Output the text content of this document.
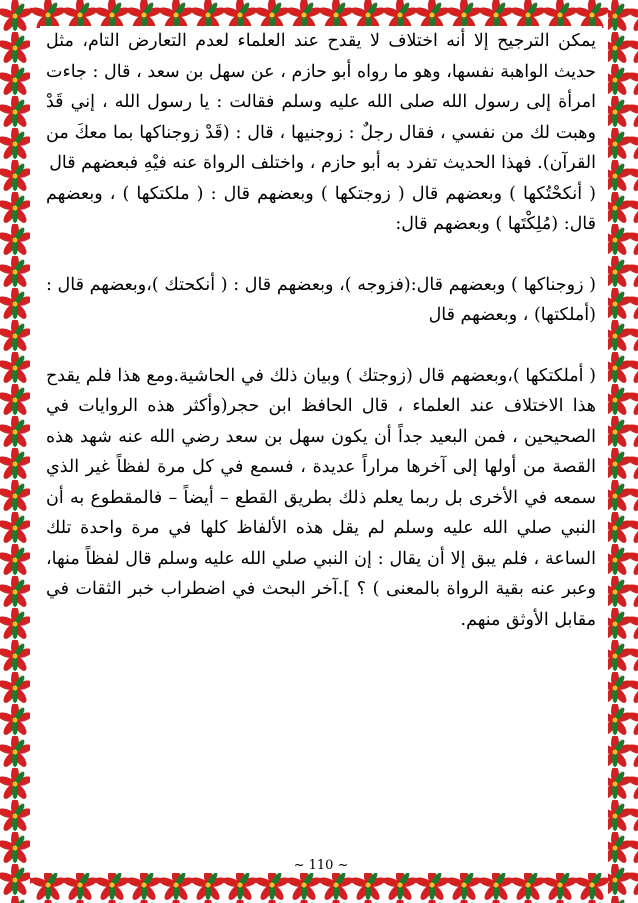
يمكن الترجيح إلا أنه اختلاف لا يقدح عند العلماء لعدم التعارض التام، مثل حديث الواهبة نفسها، وهو ما رواه أبو حازم ، عن سهل بن سعد ، قال : جاءت امرأة إلى رسول الله صلى الله عليه وسلم فقالت : يا رسول الله ، إني قَدْ وهبت لك من نفسي ، فقال رجلٌ : زوجنيها ، قال : (قَدْ زوجناكها بما معكَ من القرآن). فهذا الحديث تفرد به أبو حازم ، واختلف الرواة عنه فيْهِ فبعضهم قال

( أنكحْتُكها ) وبعضهم قال ( زوجتكها ) وبعضهم قال : ( ملكتكها ) ، وبعضهم قال: (مُلِكْتَها ) وبعضهم قال:

( زوجناكها ) وبعضهم قال:(فزوجه )، وبعضهم قال : ( أنكحتك )،وبعضهم قال : (أملكتها) ، وبعضهم قال

( أملكتكها )،وبعضهم قال (زوجتك ) وبيان ذلك في الحاشية.ومع هذا فلم يقدح هذا الاختلاف عند العلماء ، قال الحافظ ابن حجر(وأكثر هذه الروايات في الصحيحين ، فمن البعيد جداً أن يكون سهل بن سعد رضي الله عنه شهد هذه القصة من أولها إلى آخرها مراراً عديدة ، فسمع في كل مرة لفظاً غير الذي سمعه في الأخرى بل ربما يعلم ذلك بطريق القطع – أيضاً – فالمقطوع به أن النبي صلي الله عليه وسلم لم يقل هذه الألفاظ كلها في مرة واحدة تلك الساعة ، فلم يبق إلا أن يقال : إن النبي صلي الله عليه وسلم قال لفظاً منها، وعبر عنه بقية الرواة بالمعنى ) ؟ ].آخر البحث في اضطراب خبر الثقات في مقابل الأوثق منهم.

~ 110 ~
